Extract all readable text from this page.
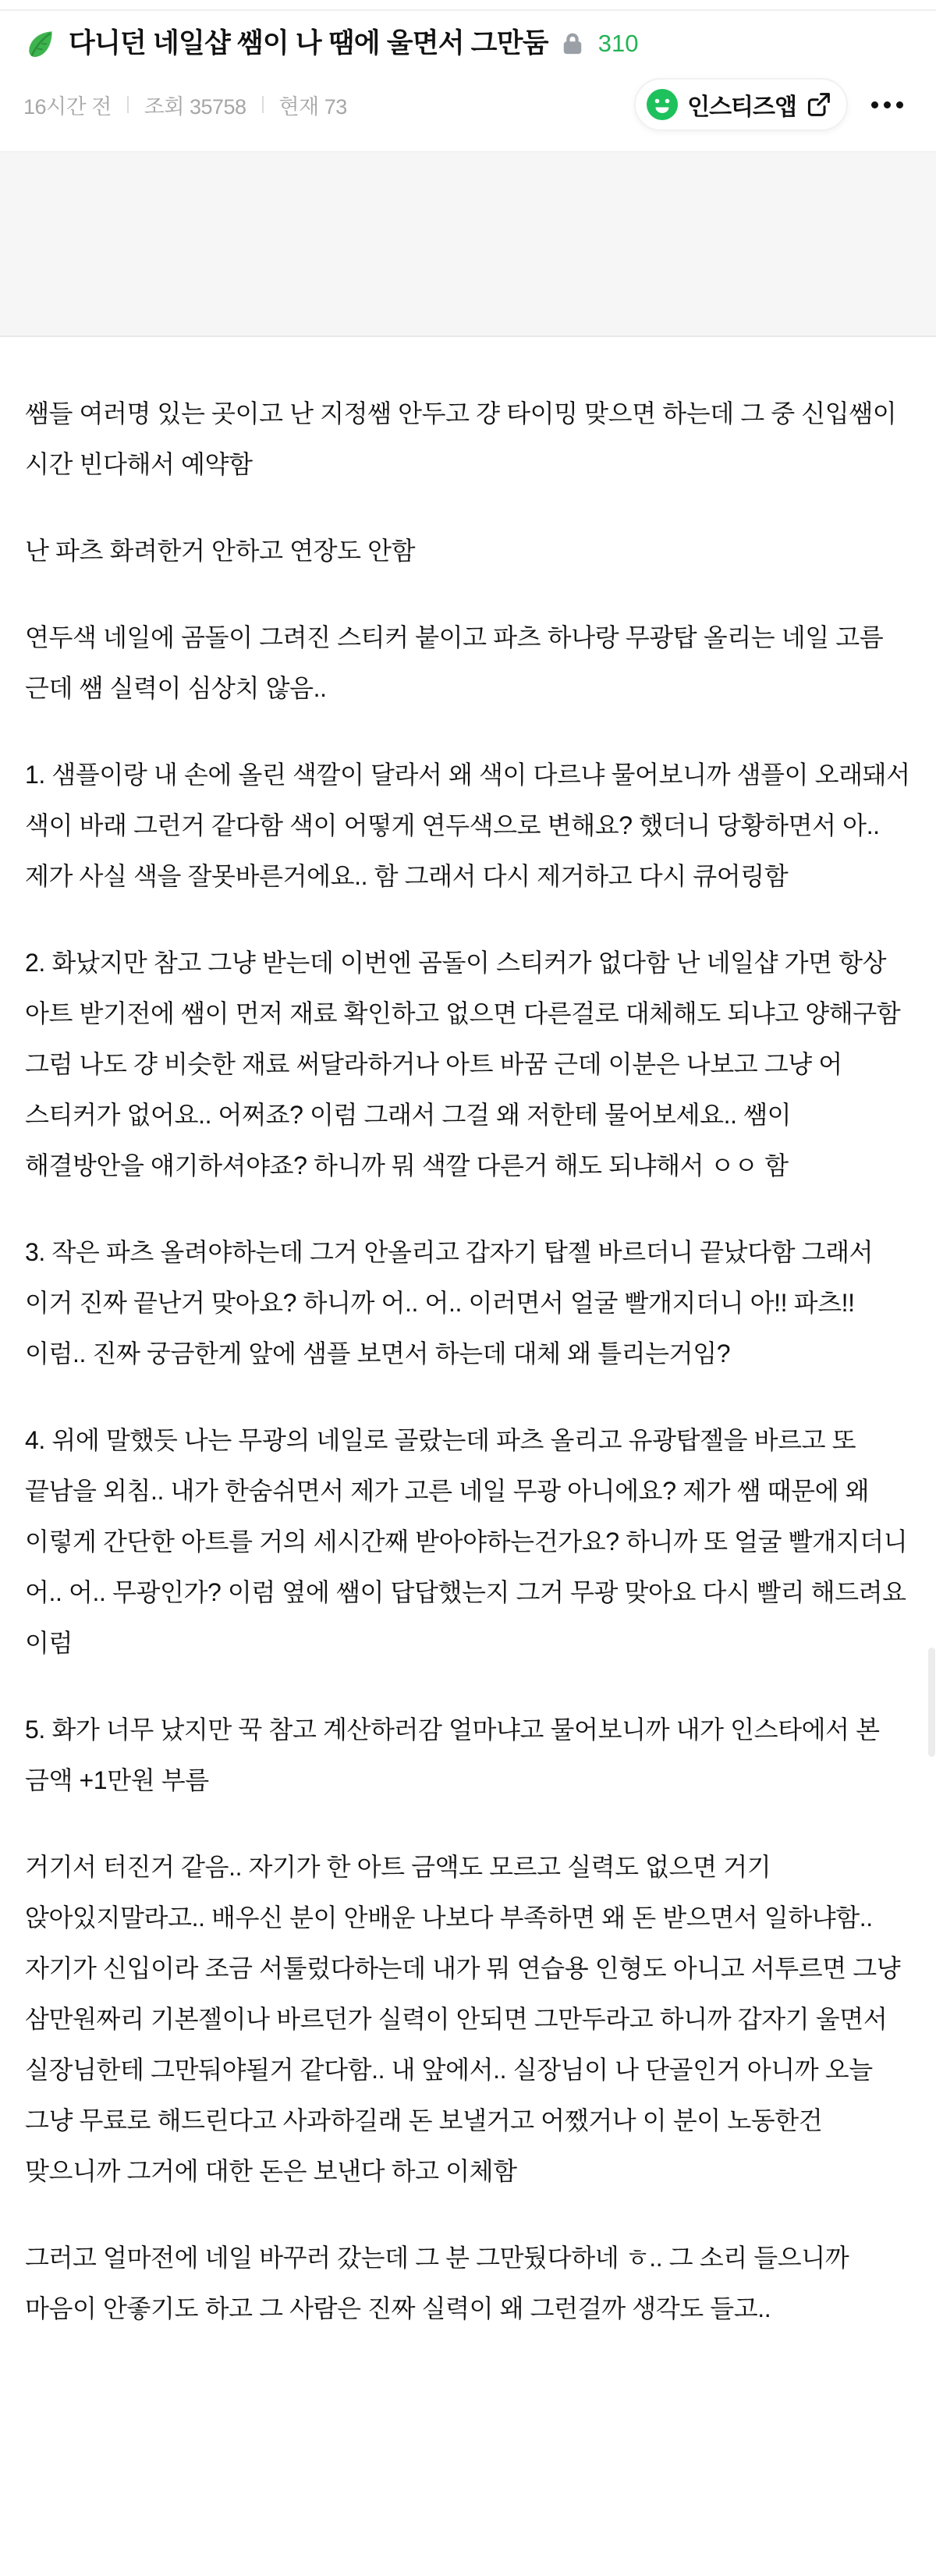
다니던 네일샵 쌤이 나 땜에 울면서 그만둠 310
16시간 전 조회 35758 현재 73	인스티즈앱

쌤들 여러명 있는 곳이고 난 지정쌤 안두고 걍 타이밍 맞으면 하는데 그 중 신입쌤이 시간 빈다해서 예약함

난 파츠 화려한거 안하고 연장도 안함

연두색 네일에 곰돌이 그려진 스티커 붙이고 파츠 하나랑 무광탑 올리는 네일 고름 근데 쌤 실력이 심상치 않음..

1. 샘플이랑 내 손에 올린 색깔이 달라서 왜 색이 다르냐 물어보니까 샘플이 오래돼서 색이 바래 그런거 같다함 색이 어떻게 연두색으로 변해요? 했더니 당황하면서 아.. 제가 사실 색을 잘못바른거에요.. 함 그래서 다시 제거하고 다시 큐어링함

2. 화났지만 참고 그냥 받는데 이번엔 곰돌이 스티커가 없다함 난 네일샵 가면 항상 아트 받기전에 쌤이 먼저 재료 확인하고 없으면 다른걸로 대체해도 되냐고 양해구함 그럼 나도 걍 비슷한 재료 써달라하거나 아트 바꿈 근데 이분은 나보고 그냥 어 스티커가 없어요.. 어쩌죠? 이럼 그래서 그걸 왜 저한테 물어보세요.. 쌤이 해결방안을 얘기하셔야죠? 하니까 뭐 색깔 다른거 해도 되냐해서 ㅇㅇ 함

3. 작은 파츠 올려야하는데 그거 안올리고 갑자기 탑젤 바르더니 끝났다함 그래서 이거 진짜 끝난거 맞아요? 하니까 어.. 어.. 이러면서 얼굴 빨개지더니 아!! 파츠!! 이럼.. 진짜 궁금한게 앞에 샘플 보면서 하는데 대체 왜 틀리는거임?

4. 위에 말했듯 나는 무광의 네일로 골랐는데 파츠 올리고 유광탑젤을 바르고 또 끝남을 외침.. 내가 한숨쉬면서 제가 고른 네일 무광 아니에요? 제가 쌤 때문에 왜 이렇게 간단한 아트를 거의 세시간째 받아야하는건가요? 하니까 또 얼굴 빨개지더니 어.. 어.. 무광인가? 이럼 옆에 쌤이 답답했는지 그거 무광 맞아요 다시 빨리 해드려요 이럼

5. 화가 너무 났지만 꾹 참고 계산하러감 얼마냐고 물어보니까 내가 인스타에서 본 금액 +1만원 부름

거기서 터진거 같음.. 자기가 한 아트 금액도 모르고 실력도 없으면 거기 앉아있지말라고.. 배우신 분이 안배운 나보다 부족하면 왜 돈 받으면서 일하냐함.. 자기가 신입이라 조금 서툴렀다하는데 내가 뭐 연습용 인형도 아니고 서투르면 그냥 삼만원짜리 기본젤이나 바르던가 실력이 안되면 그만두라고 하니까 갑자기 울면서 실장님한테 그만둬야될거 같다함.. 내 앞에서.. 실장님이 나 단골인거 아니까 오늘 그냥 무료로 해드린다고 사과하길래 돈 보낼거고 어쨌거나 이 분이 노동한건 맞으니까 그거에 대한 돈은 보낸다 하고 이체함

그러고 얼마전에 네일 바꾸러 갔는데 그 분 그만뒀다하네 ㅎ.. 그 소리 들으니까 마음이 안좋기도 하고 그 사람은 진짜 실력이 왜 그런걸까 생각도 들고..
